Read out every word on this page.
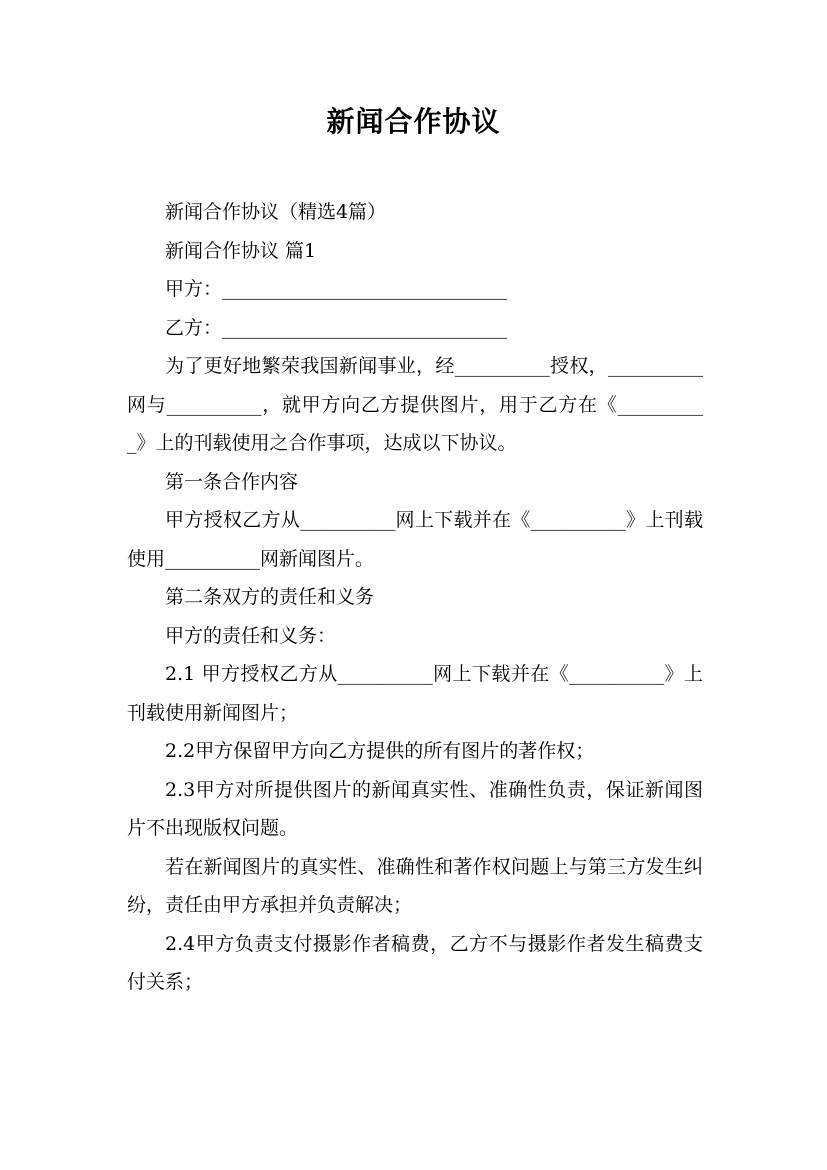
新闻合作协议

新闻合作协议（精选4篇）

新闻合作协议 篇1

甲方：______________________________

乙方：______________________________

为了更好地繁荣我国新闻事业，经__________授权，__________网与__________，就甲方向乙方提供图片，用于乙方在《__________》上的刊载使用之合作事项，达成以下协议。

第一条合作内容

甲方授权乙方从__________网上下载并在《__________》上刊载使用__________网新闻图片。

第二条双方的责任和义务

甲方的责任和义务：

2.1 甲方授权乙方从__________网上下载并在《__________》上刊载使用新闻图片；

2.2甲方保留甲方向乙方提供的所有图片的著作权；

2.3甲方对所提供图片的新闻真实性、准确性负责，保证新闻图片不出现版权问题。

若在新闻图片的真实性、准确性和著作权问题上与第三方发生纠纷，责任由甲方承担并负责解决；

2.4甲方负责支付摄影作者稿费，乙方不与摄影作者发生稿费支付关系；
